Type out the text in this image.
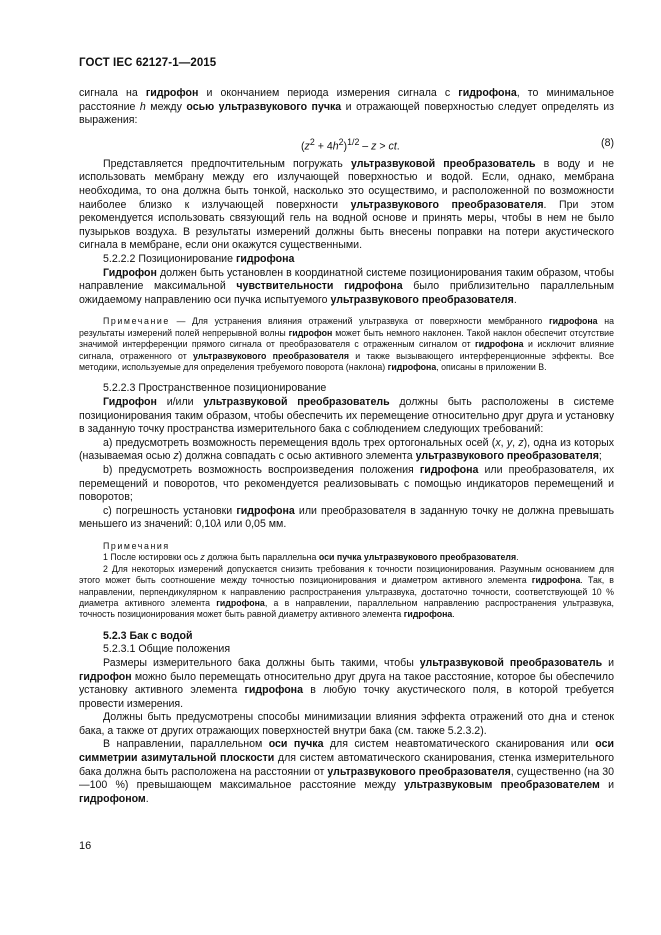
ГОСТ IEC 62127-1—2015

сигнала на гидрофон и окончанием периода измерения сигнала с гидрофона, то минимальное расстояние h между осью ультразвукового пучка и отражающей поверхностью следует определять из выражения:

$(z^2 + 4h^2)^{1/2} - z$ > ct.	(8)

Представляется предпочтительным погружать ультразвуковой преобразователь в воду и не использовать мембрану между его излучающей поверхностью и водой. Если, однако, мембрана необходима, то она должна быть тонкой, насколько это осуществимо, и расположенной по возможности наиболее близко к излучающей поверхности ультразвукового преобразователя. При этом рекомендуется использовать связующий гель на водной основе и принять меры, чтобы в нем не было пузырьков воздуха. В результаты измерений должны быть внесены поправки на потери акустического сигнала в мембране, если они окажутся существенными.

5.2.2.2 Позиционирование гидрофона

Гидрофон должен быть установлен в координатной системе позиционирования таким образом, чтобы направление максимальной чувствительности гидрофона было приблизительно параллельным ожидаемому направлению оси пучка испытуемого ультразвукового преобразователя.

Примечание — Для устранения влияния отражений ультразвука от поверхности мембранного гидрофона на результаты измерений полей непрерывной волны гидрофон может быть немного наклонен. Такой наклон обеспечит отсутствие значимой интерференции прямого сигнала от преобразователя с отраженным сигналом от гидрофона и исключит влияние сигнала, отраженного от ультразвукового преобразователя и также вызывающего интерференционные эффекты. Все методики, используемые для определения требуемого поворота (наклона) гидрофона, описаны в приложении В.

5.2.2.3 Пространственное позиционирование

Гидрофон и/или ультразвуковой преобразователь должны быть расположены в системе позиционирования таким образом, чтобы обеспечить их перемещение относительно друг друга и установку в заданную точку пространства измерительного бака с соблюдением следующих требований:

а) предусмотреть возможность перемещения вдоль трех ортогональных осей (x, y, z), одна из которых (называемая осью z) должна совпадать с осью активного элемента ультразвукового преобразователя;

b) предусмотреть возможность воспроизведения положения гидрофона или преобразователя, их перемещений и поворотов, что рекомендуется реализовывать с помощью индикаторов перемещений и поворотов;

с) погрешность установки гидрофона или преобразователя в заданную точку не должна превышать меньшего из значений: 0,10λ или 0,05 мм.

Примечания

1 После юстировки ось z должна быть параллельна оси пучка ультразвукового преобразователя.

2 Для некоторых измерений допускается снизить требования к точности позиционирования. Разумным основанием для этого может быть соотношение между точностью позиционирования и диаметром активного элемента гидрофона. Так, в направлении, перпендикулярном к направлению распространения ультразвука, достаточно точности, соответствующей 10 % диаметра активного элемента гидрофона, а в направлении, параллельном направлению распространения ультразвука, точность позиционирования может быть равной диаметру активного элемента гидрофона.

5.2.3 Бак с водой

5.2.3.1 Общие положения

Размеры измерительного бака должны быть такими, чтобы ультразвуковой преобразователь и гидрофон можно было перемещать относительно друг друга на такое расстояние, которое бы обеспечило установку активного элемента гидрофона в любую точку акустического поля, в которой требуется провести измерения.

Должны быть предусмотрены способы минимизации влияния эффекта отражений ото дна и стенок бака, а также от других отражающих поверхностей внутри бака (см. также 5.2.3.2).

В направлении, параллельном оси пучка для систем неавтоматического сканирования или оси симметрии азимутальной плоскости для систем автоматического сканирования, стенка измерительного бака должна быть расположена на расстоянии от ультразвукового преобразователя, существенно (на 30—100 %) превышающем максимальное расстояние между ультразвуковым преобразователем и гидрофоном.

16
